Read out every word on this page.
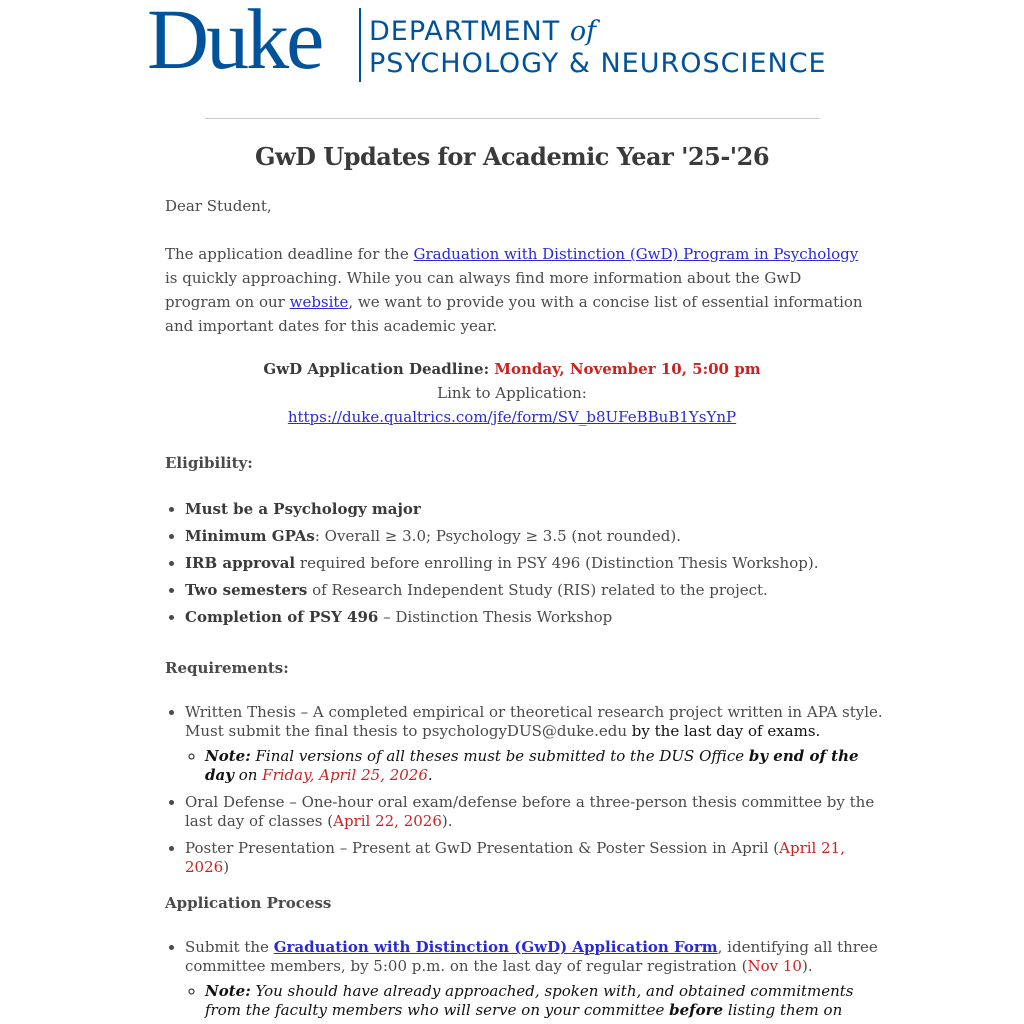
Duke DEPARTMENT of
PSYCHOLOGY & NEUROSCIENCE
GwD Updates for Academic Year '25-'26

Dear Student,

The application deadline for the Graduation with Distinction (GwD) Program in Psychology is quickly approaching. While you can always find more information about the GwD program on our website, we want to provide you with a concise list of essential information and important dates for this academic year.

GwD Application Deadline: Monday, November 10, 5:00 pm
Link to Application:
https://duke.qualtrics.com/jfe/form/SV_b8UFeBBuB1YsYnP
Eligibility:
• Must be a Psychology major
• Minimum GPAs: Overall ≥ 3.0; Psychology ≥ 3.5 (not rounded).
• IRB approval required before enrolling in PSY 496 (Distinction Thesis Workshop).
• Two semesters of Research Independent Study (RIS) related to the project.
• Completion of PSY 496 – Distinction Thesis Workshop
Requirements:
• Written Thesis – A completed empirical or theoretical research project written in APA style. Must submit the final thesis to psychologyDUS@duke.edu by the last day of exams.
◦ Note: Final versions of all theses must be submitted to the DUS Office by end of the day on Friday, April 25, 2026.
• Oral Defense – One-hour oral exam/defense before a three-person thesis committee by the last day of classes (April 22, 2026).
• Poster Presentation – Present at GwD Presentation & Poster Session in April (April 21, 2026)
Application Process
• Submit the Graduation with Distinction (GwD) Application Form, identifying all three committee members, by 5:00 p.m. on the last day of regular registration (Nov 10).
◦ Note: You should have already approached, spoken with, and obtained commitments from the faculty members who will serve on your committee before listing them on
